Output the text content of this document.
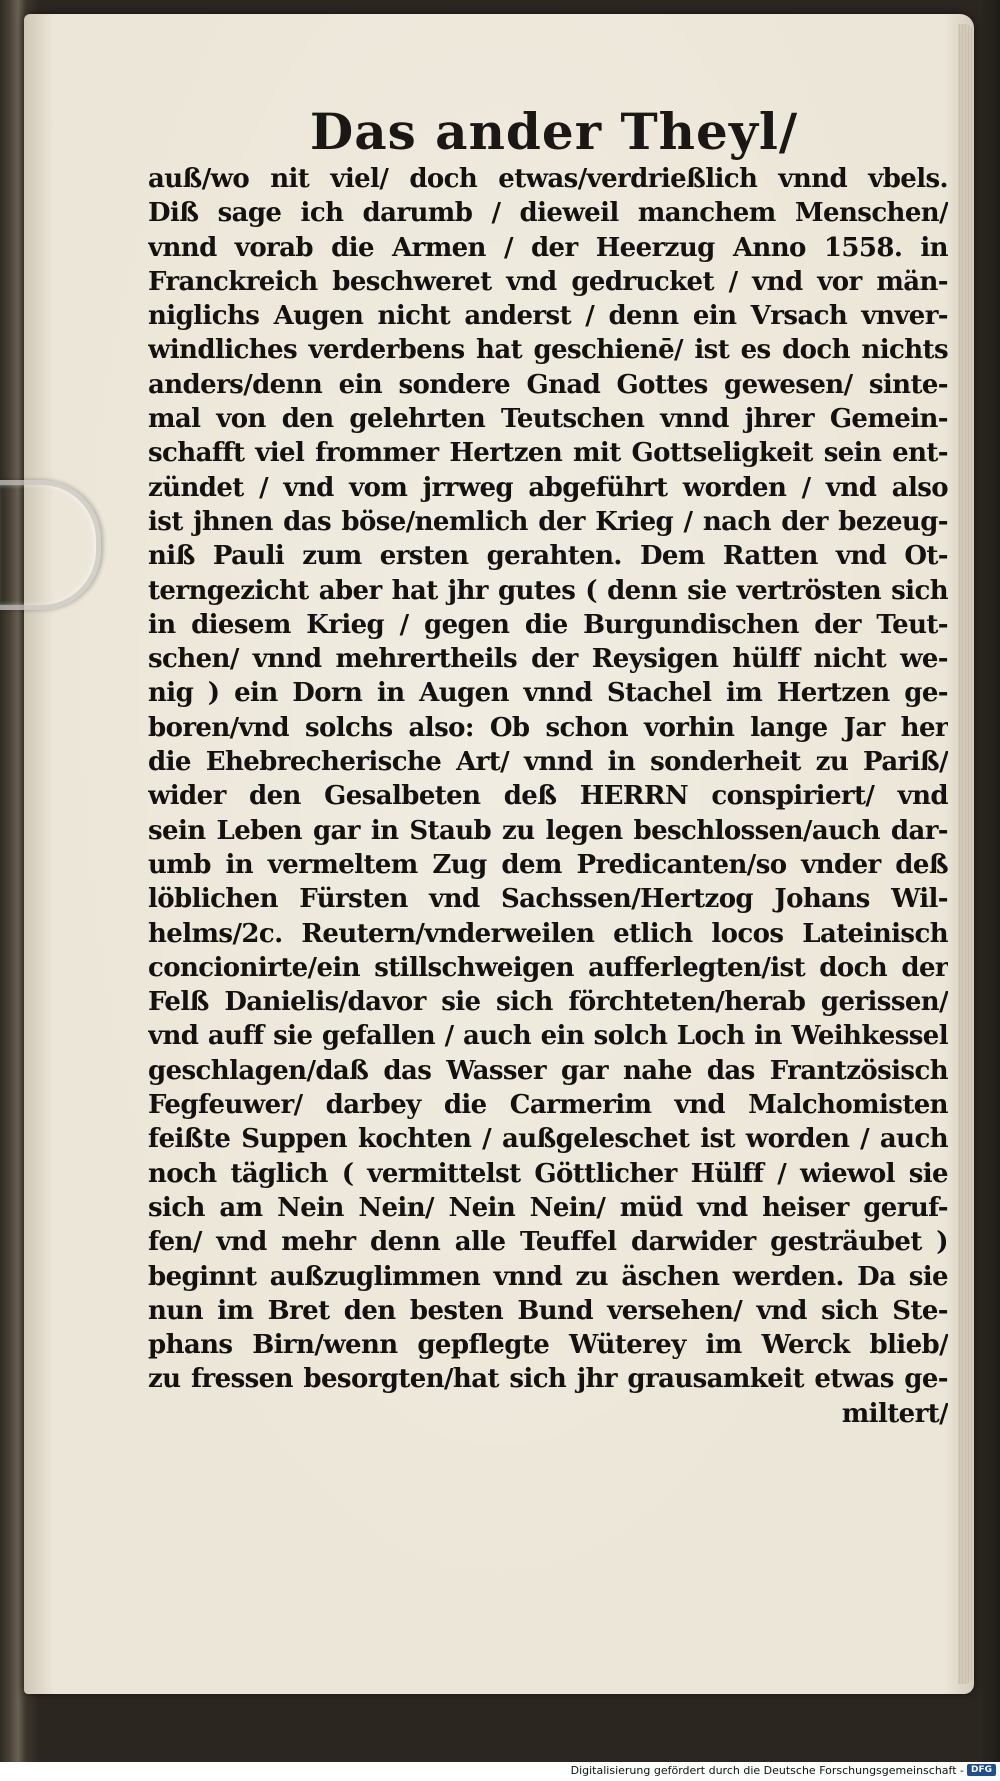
Das ander Theyl/
auß/wo nit viel/ doch etwas/verdrießlich vnnd vbels.
Diß sage ich darumb / dieweil manchem Menschen/
vnnd vorab die Armen / der Heerzug Anno 1558. in
Franckreich beschweret vnd gedrucket / vnd vor män-
niglichs Augen nicht anderst / denn ein Vrsach vnver-
windliches verderbens hat geschienē/ ist es doch nichts
anders/denn ein sondere Gnad Gottes gewesen/ sinte-
mal von den gelehrten Teutschen vnnd jhrer Gemein-
schafft viel frommer Hertzen mit Gottseligkeit sein ent-
zündet / vnd vom jrrweg abgeführt worden / vnd also
ist jhnen das böse/nemlich der Krieg / nach der bezeug-
niß Pauli zum ersten gerahten. Dem Ratten vnd Ot-
terngezicht aber hat jhr gutes ( denn sie vertrösten sich
in diesem Krieg / gegen die Burgundischen der Teut-
schen/ vnnd mehrertheils der Reysigen hülff nicht we-
nig ) ein Dorn in Augen vnnd Stachel im Hertzen ge-
boren/vnd solchs also: Ob schon vorhin lange Jar her
die Ehebrecherische Art/ vnnd in sonderheit zu Pariß/
wider den Gesalbeten deß HERRN conspiriert/ vnd
sein Leben gar in Staub zu legen beschlossen/auch dar-
umb in vermeltem Zug dem Predicanten/so vnder deß
löblichen Fürsten vnd Sachssen/Hertzog Johans Wil-
helms/2c. Reutern/vnderweilen etlich locos Lateinisch
concionirte/ein stillschweigen aufferlegten/ist doch der
Felß Danielis/davor sie sich förchteten/herab gerissen/
vnd auff sie gefallen / auch ein solch Loch in Weihkessel
geschlagen/daß das Wasser gar nahe das Frantzösisch
Fegfeuwer/ darbey die Carmerim vnd Malchomisten
feißte Suppen kochten / außgeleschet ist worden / auch
noch täglich ( vermittelst Göttlicher Hülff / wiewol sie
sich am Nein Nein/ Nein Nein/ müd vnd heiser geruf-
fen/ vnd mehr denn alle Teuffel darwider gesträubet )
beginnt außzuglimmen vnnd zu äschen werden. Da sie
nun im Bret den besten Bund versehen/ vnd sich Ste-
phans Birn/wenn gepflegte Wüterey im Werck blieb/
zu fressen besorgten/hat sich jhr grausamkeit etwas ge-
miltert/
Digitalisierung gefördert durch die Deutsche Forschungsgemeinschaft - DFG
